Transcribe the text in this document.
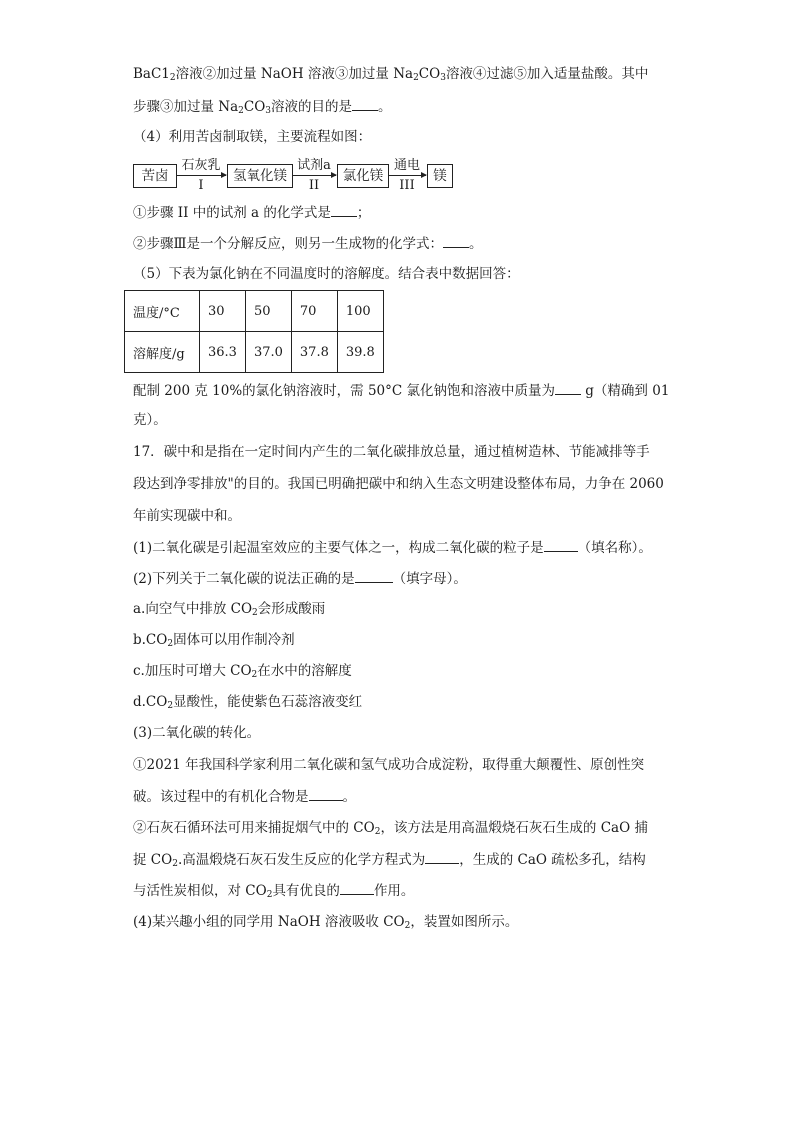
$BaC1_2$溶液②加过量 NaOH 溶液③加过量 $Na_2CO_3$溶液④过滤⑤加入适量盐酸。其中
步骤③加过量 $Na_2CO_3$溶液的目的是 。
（4）利用苦卤制取镁，主要流程如图：
苦卤
石灰乳
I
氢氧化镁
试剂a
II
氯化镁
通电
III
镁
①步骤 II 中的试剂 a 的化学式是 ；
②步骤Ⅲ是一个分解反应，则另一生成物的化学式： 。
（5）下表为氯化钠在不同温度时的溶解度。结合表中数据回答：
温度/°C	30	50	70	100
溶解度/g	36.3	37.0	37.8	39.8
配制 200 克 10%的氯化钠溶液时，需 50°C 氯化钠饱和溶液中质量为 g（精确到 01
克）。
17．碳中和是指在一定时间内产生的二氧化碳排放总量，通过植树造林、节能减排等手
段达到净零排放"的目的。我国已明确把碳中和纳入生态文明建设整体布局，力争在 2060
年前实现碳中和。
(1)二氧化碳是引起温室效应的主要气体之一，构成二氧化碳的粒子是	（填名称）。
(2)下列关于二氧化碳的说法正确的是	（填字母）。
a.向空气中排放 $CO_2$会形成酸雨
$b.CO_2$固体可以用作制冷剂
c.加压时可增大 $CO_2$在水中的溶解度
$d.CO_2$显酸性，能使紫色石蕊溶液变红
(3)二氧化碳的转化。
①2021 年我国科学家利用二氧化碳和氢气成功合成淀粉，取得重大颠覆性、原创性突
破。该过程中的有机化合物是	。
②石灰石循环法可用来捕捉烟气中的 $CO_2$，该方法是用高温煅烧石灰石生成的 CaO 捕
捉 $CO_2$.高温煅烧石灰石发生反应的化学方程式为	，生成的 CaO 疏松多孔，结构
与活性炭相似，对 $CO_2$具有优良的	作用。
(4)某兴趣小组的同学用 NaOH 溶液吸收 $CO_2$，装置如图所示。
